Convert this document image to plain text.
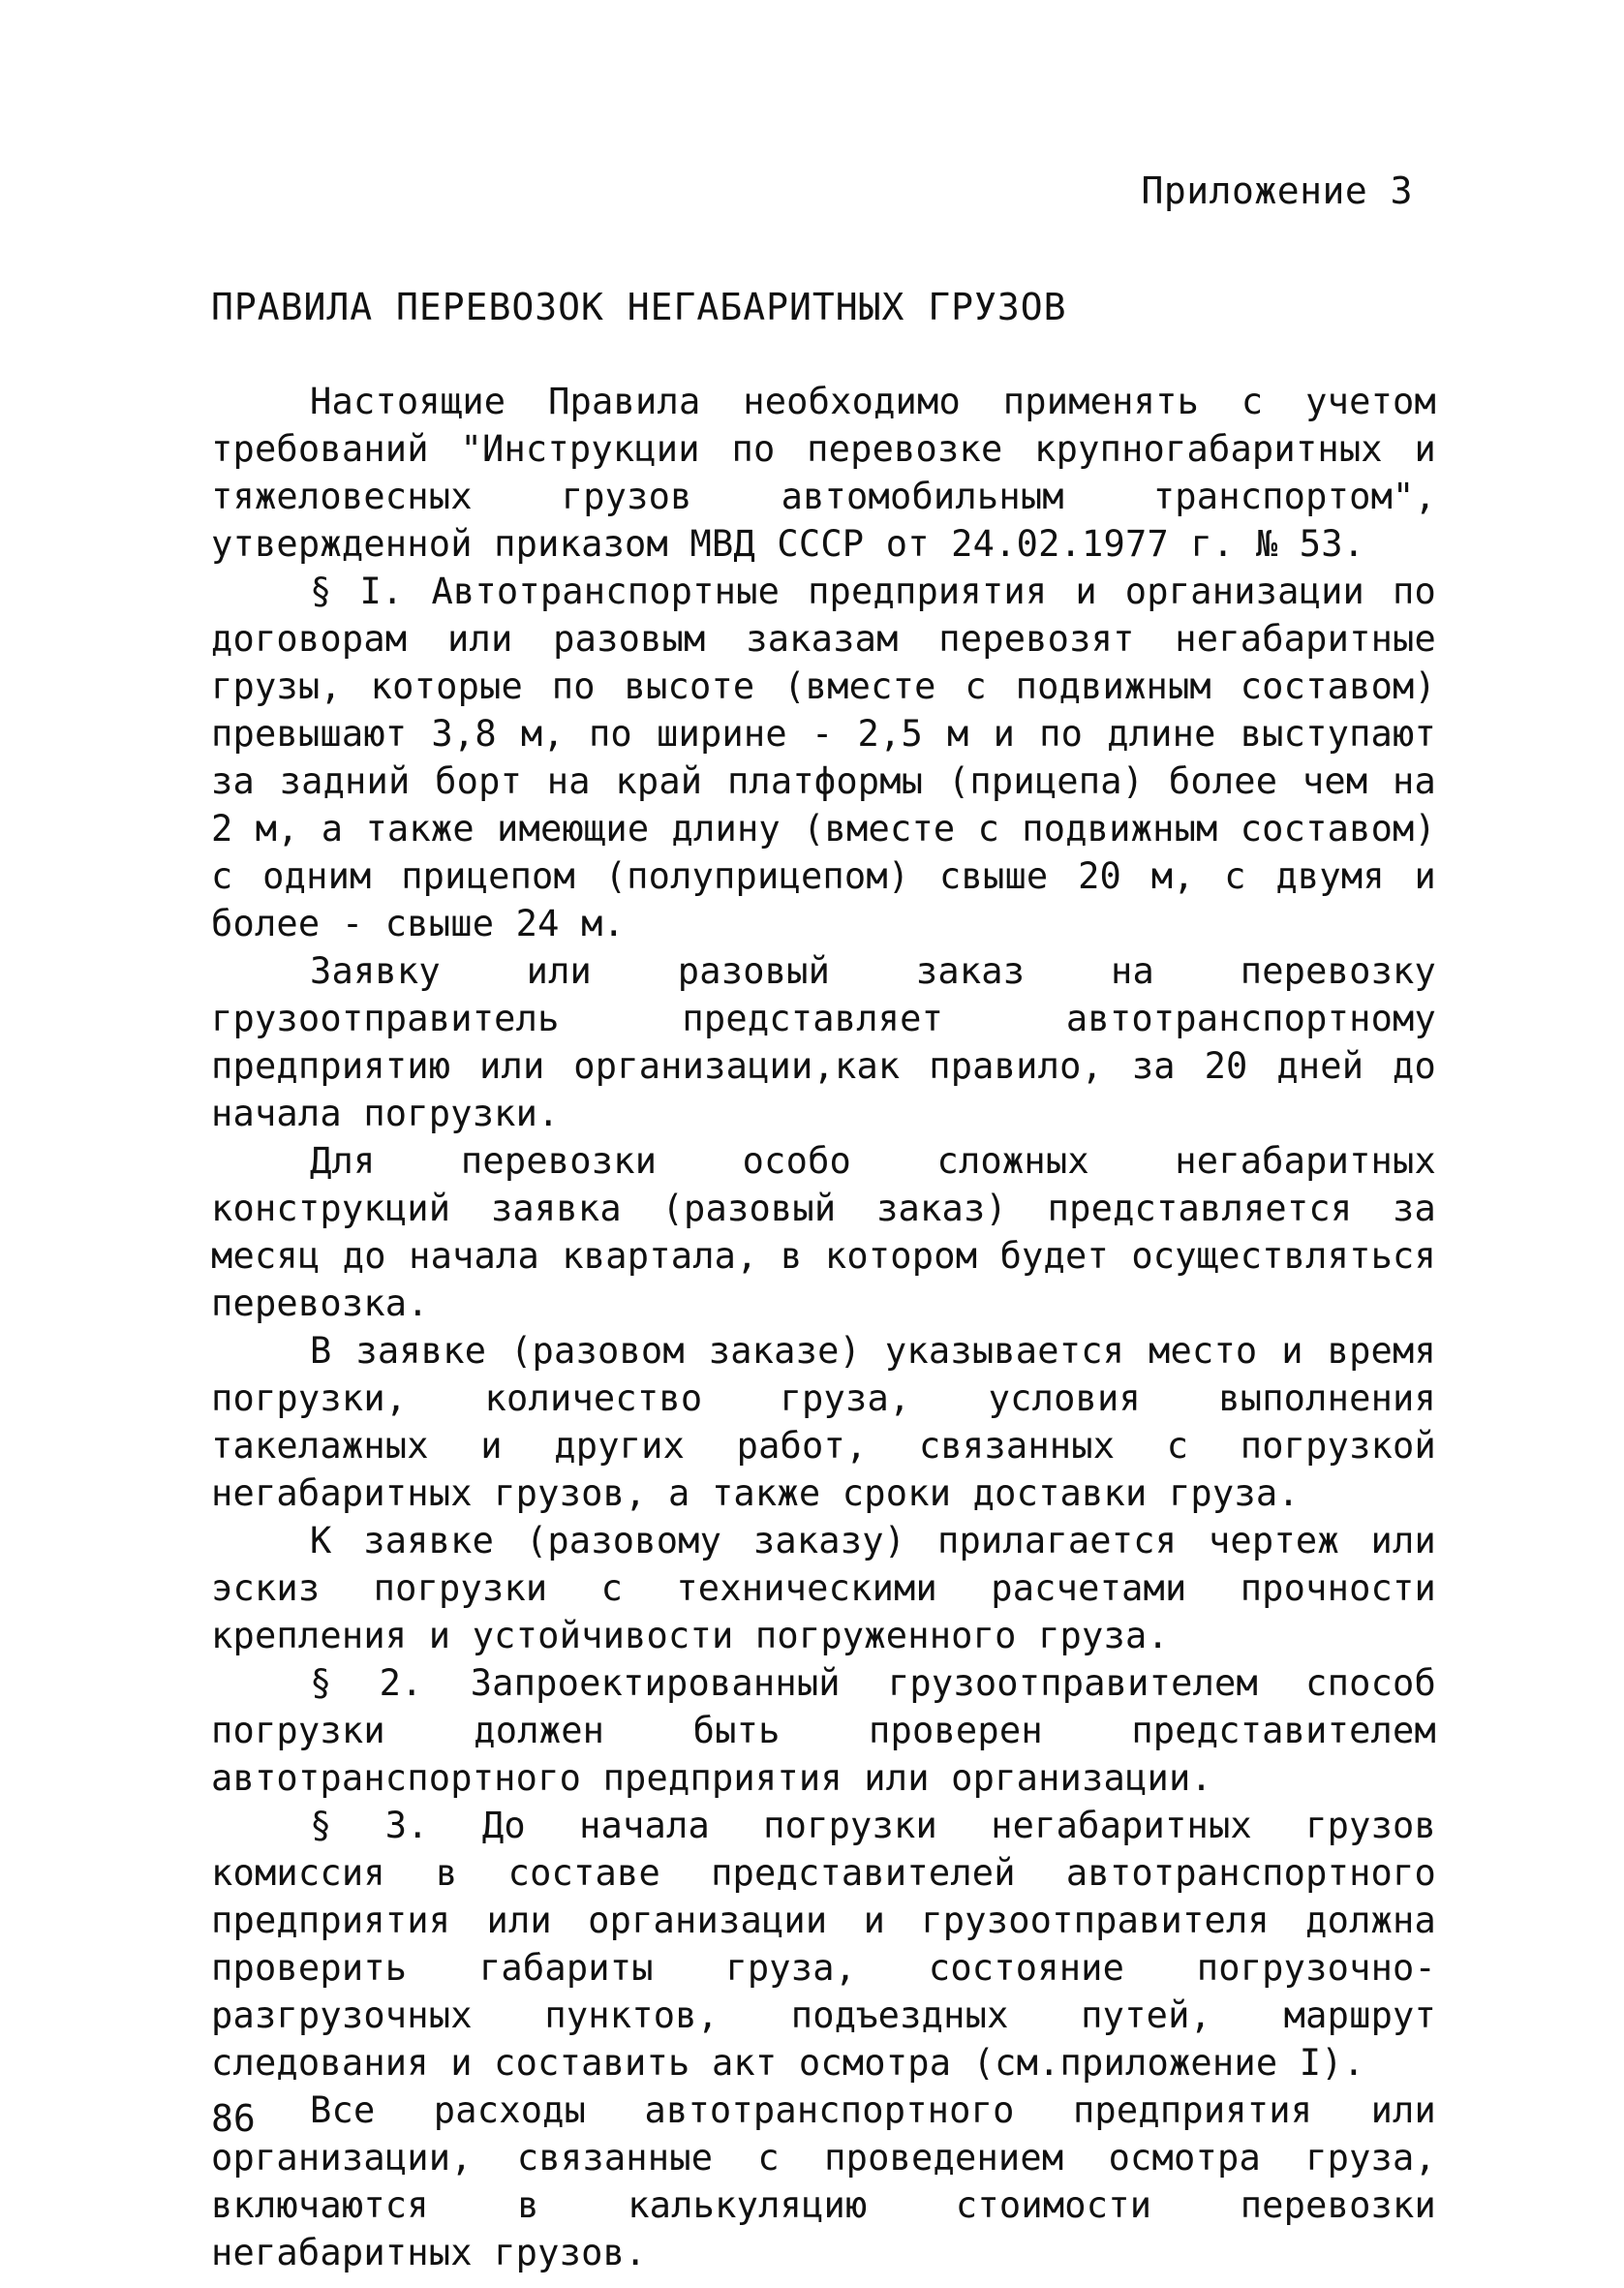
Приложение 3
ПРАВИЛА ПЕРЕВОЗОК НЕГАБАРИТНЫХ ГРУЗОВ

Настоящие Правила необходимо применять с учетом требований "Инструкции по перевозке крупногабаритных и тяжеловесных грузов автомобильным транспортом", утвержденной приказом МВД СССР от 24.02.1977 г. № 53.

§ I. Автотранспортные предприятия и организации по договорам или разовым заказам перевозят негабаритные грузы, которые по высоте (вместе с подвижным составом) превышают 3,8 м, по ширине - 2,5 м и по длине выступают за задний борт на край платформы (прицепа) более чем на 2 м, а также имеющие длину (вместе с подвижным составом) с одним прицепом (полуприцепом) свыше 20 м, с двумя и более - свыше 24 м.

Заявку или разовый заказ на перевозку грузоотправитель представляет автотранспортному предприятию или организации,как правило, за 20 дней до начала погрузки.

Для перевозки особо сложных негабаритных конструкций заявка (разовый заказ) представляется за месяц до начала квартала, в котором будет осуществляться перевозка.

В заявке (разовом заказе) указывается место и время погрузки, количество груза, условия выполнения такелажных и других работ, связанных с погрузкой негабаритных грузов, а также сроки доставки груза.

К заявке (разовому заказу) прилагается чертеж или эскиз погрузки с техническими расчетами прочности крепления и устойчивости погруженного груза.

§ 2. Запроектированный грузоотправителем способ погрузки должен быть проверен представителем автотранспортного предприятия или организации.

§ 3. До начала погрузки негабаритных грузов комиссия в составе представителей автотранспортного предприятия или организации и грузоотправителя должна проверить габариты груза, состояние погрузочно-разгрузочных пунктов, подъездных путей, маршрут следования и составить акт осмотра (см.приложение I).

Все расходы автотранспортного предприятия или организации, связанные с проведением осмотра груза, включаются в калькуляцию стоимости перевозки негабаритных грузов.

86
